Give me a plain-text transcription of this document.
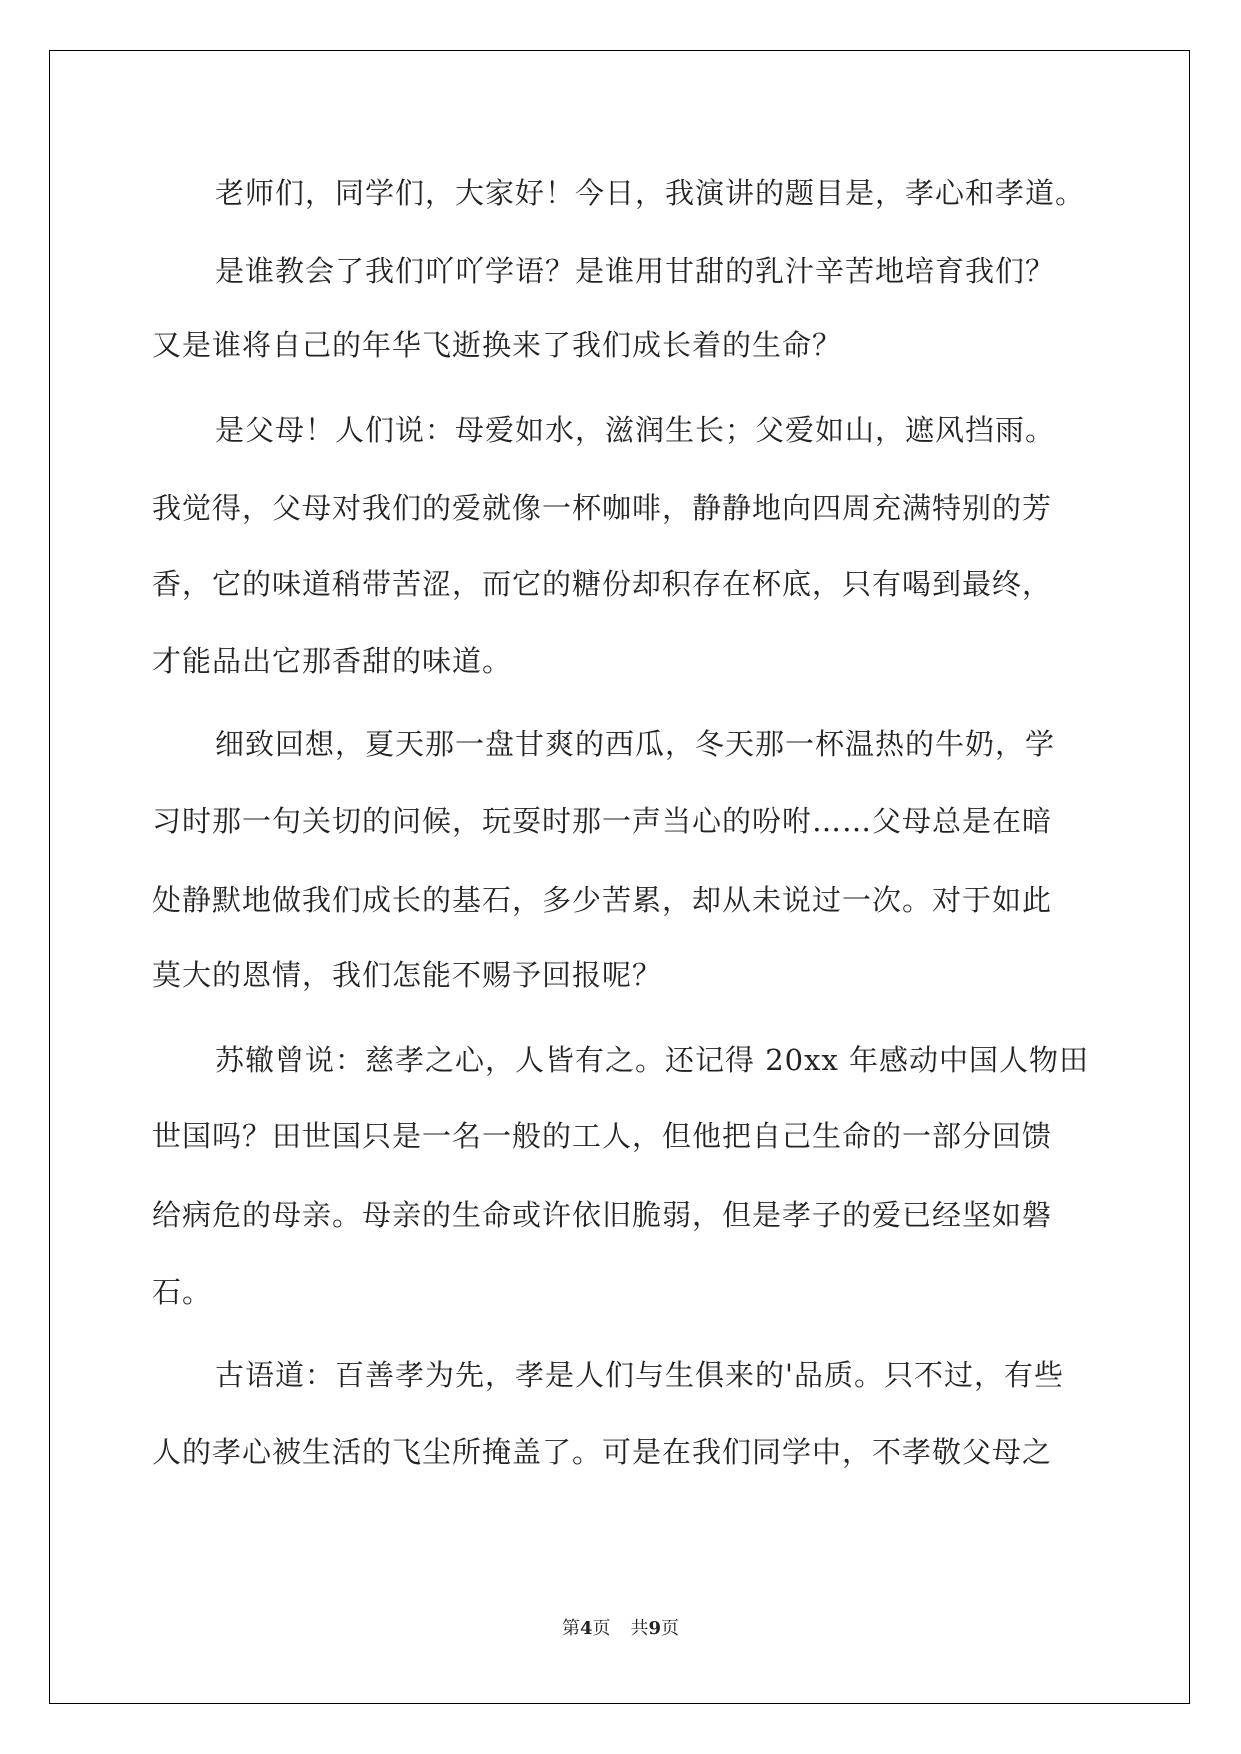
老师们，同学们，大家好！今日，我演讲的题目是，孝心和孝道。
是谁教会了我们吖吖学语？是谁用甘甜的乳汁辛苦地培育我们？
又是谁将自己的年华飞逝换来了我们成长着的生命？
是父母！人们说：母爱如水，滋润生长；父爱如山，遮风挡雨。
我觉得，父母对我们的爱就像一杯咖啡，静静地向四周充满特别的芳
香，它的味道稍带苦涩，而它的糖份却积存在杯底，只有喝到最终，
才能品出它那香甜的味道。
细致回想，夏天那一盘甘爽的西瓜，冬天那一杯温热的牛奶，学
习时那一句关切的问候，玩耍时那一声当心的吩咐……父母总是在暗
处静默地做我们成长的基石，多少苦累，却从未说过一次。对于如此
莫大的恩情，我们怎能不赐予回报呢？
苏辙曾说：慈孝之心，人皆有之。还记得 20xx 年感动中国人物田
世国吗？田世国只是一名一般的工人，但他把自己生命的一部分回馈
给病危的母亲。母亲的生命或许依旧脆弱，但是孝子的爱已经坚如磐
石。
古语道：百善孝为先，孝是人们与生俱来的'品质。只不过，有些
人的孝心被生活的飞尘所掩盖了。可是在我们同学中，不孝敬父母之
第4页 共9页
